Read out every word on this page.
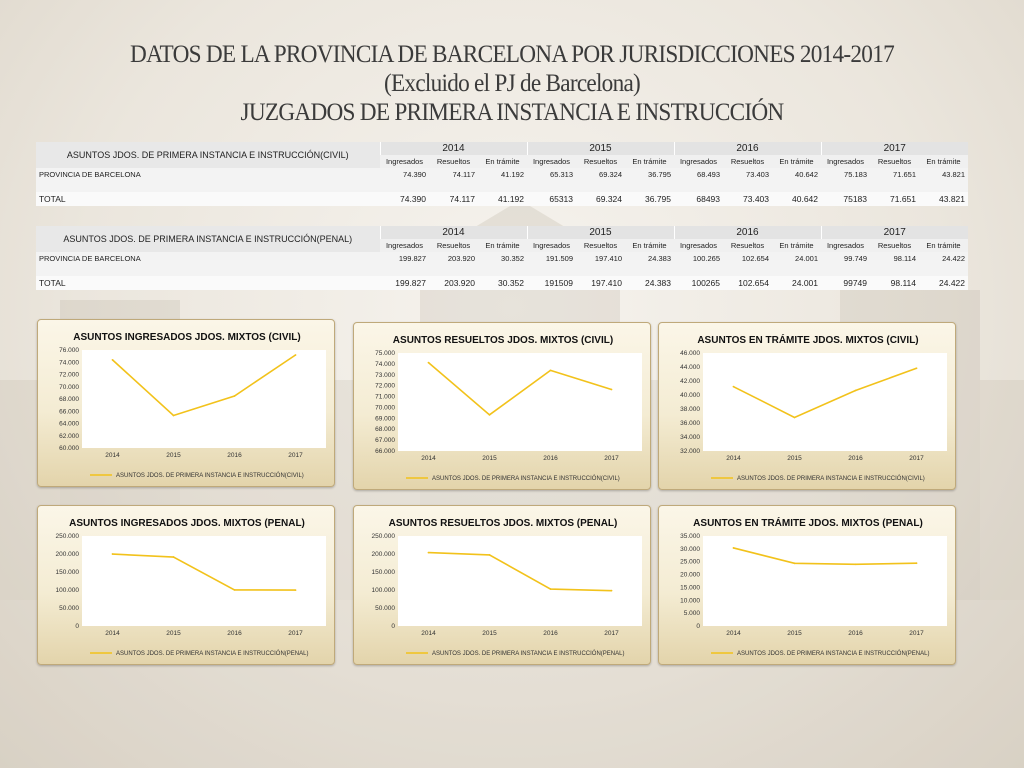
DATOS DE LA PROVINCIA DE BARCELONA POR JURISDICCIONES 2014-2017
(Excluido el PJ de Barcelona)
JUZGADOS DE PRIMERA INSTANCIA E INSTRUCCIÓN
ASUNTOS JDOS. DE PRIMERA INSTANCIA E INSTRUCCIÓN(CIVIL)	2014			2015			2016			2017		
	Ingresados	Resueltos	En trámite	Ingresados	Resueltos	En trámite	Ingresados	Resueltos	En trámite	Ingresados	Resueltos	En trámite
PROVINCIA DE BARCELONA	74.390	74.117	41.192	65.313	69.324	36.795	68.493	73.403	40.642	75.183	71.651	43.821

TOTAL	74.390	74.117	41.192	65313	69.324	36.795	68493	73.403	40.642	75183	71.651	43.821
ASUNTOS JDOS. DE PRIMERA INSTANCIA E INSTRUCCIÓN(PENAL)	2014			2015			2016			2017		
	Ingresados	Resueltos	En trámite	Ingresados	Resueltos	En trámite	Ingresados	Resueltos	En trámite	Ingresados	Resueltos	En trámite
PROVINCIA DE BARCELONA	199.827	203.920	30.352	191.509	197.410	24.383	100.265	102.654	24.001	99.749	98.114	24.422

TOTAL	199.827	203.920	30.352	191509	197.410	24.383	100265	102.654	24.001	99749	98.114	24.422
ASUNTOS INGRESADOS JDOS. MIXTOS (CIVIL)
60.000
62.000
64.000
66.000
68.000
70.000
72.000
74.000
76.000
2014	2015	2016	2017
ASUNTOS JDOS. DE PRIMERA INSTANCIA E INSTRUCCIÓN(CIVIL)
ASUNTOS RESUELTOS JDOS. MIXTOS (CIVIL)
66.000
67.000
68.000
69.000
70.000
71.000
72.000
73.000
74.000
75.000
2014	2015	2016	2017
ASUNTOS JDOS. DE PRIMERA INSTANCIA E INSTRUCCIÓN(CIVIL)
ASUNTOS EN TRÁMITE JDOS. MIXTOS (CIVIL)
32.000
34.000
36.000
38.000
40.000
42.000
44.000
46.000
2014	2015	2016	2017
ASUNTOS JDOS. DE PRIMERA INSTANCIA E INSTRUCCIÓN(CIVIL)
ASUNTOS INGRESADOS JDOS. MIXTOS (PENAL)
0
50.000
100.000
150.000
200.000
250.000
2014	2015	2016	2017
ASUNTOS JDOS. DE PRIMERA INSTANCIA E INSTRUCCIÓN(PENAL)
ASUNTOS RESUELTOS JDOS. MIXTOS (PENAL)
0
50.000
100.000
150.000
200.000
250.000
2014	2015	2016	2017
ASUNTOS JDOS. DE PRIMERA INSTANCIA E INSTRUCCIÓN(PENAL)
ASUNTOS EN TRÁMITE JDOS. MIXTOS (PENAL)
0
5.000
10.000
15.000
20.000
25.000
30.000
35.000
2014	2015	2016	2017
ASUNTOS JDOS. DE PRIMERA INSTANCIA E INSTRUCCIÓN(PENAL)
